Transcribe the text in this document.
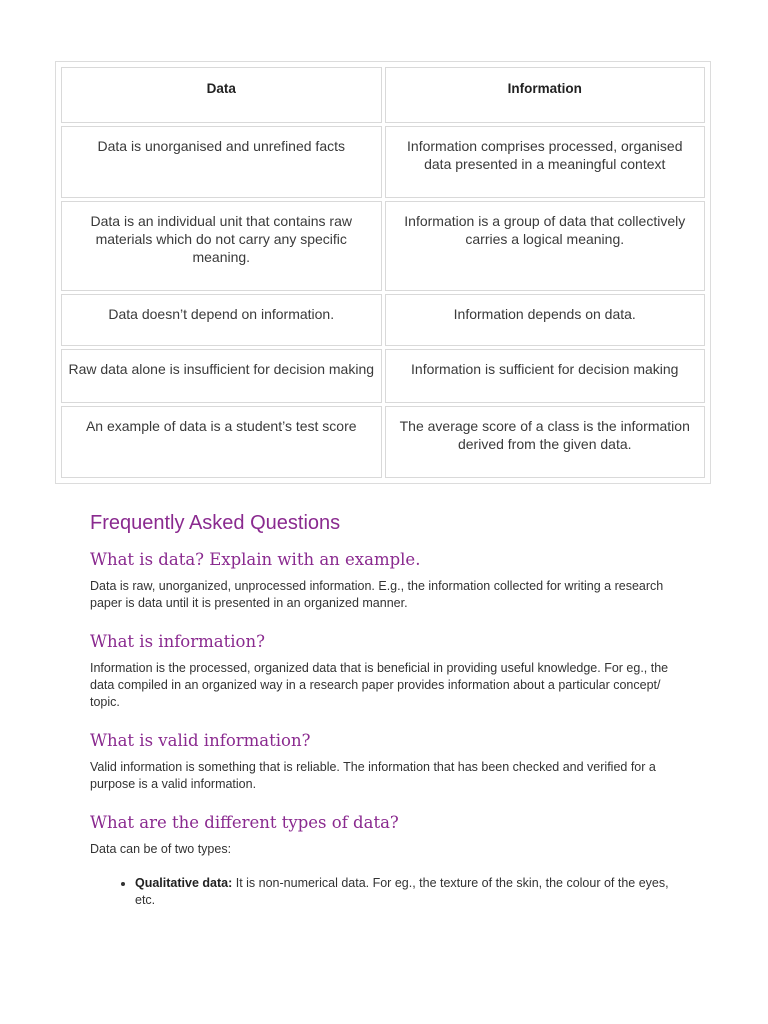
Data	Information
Data is unorganised and unrefined facts	Information comprises processed, organised data presented in a meaningful context
Data is an individual unit that contains raw materials which do not carry any specific meaning.	Information is a group of data that collectively carries a logical meaning.
Data doesn’t depend on information.	Information depends on data.
Raw data alone is insufficient for decision making	Information is sufficient for decision making
An example of data is a student’s test score	The average score of a class is the information derived from the given data.
Frequently Asked Questions
What is data? Explain with an example.

Data is raw, unorganized, unprocessed information. E.g., the information collected for writing a research paper is data until it is presented in an organized manner.

What is information?

Information is the processed, organized data that is beneficial in providing useful knowledge. For eg., the data compiled in an organized way in a research paper provides information about a particular concept/ topic.

What is valid information?

Valid information is something that is reliable. The information that has been checked and verified for a purpose is a valid information.

What are the different types of data?

Data can be of two types:

• Qualitative data: It is non-numerical data. For eg., the texture of the skin, the colour of the eyes, etc.
